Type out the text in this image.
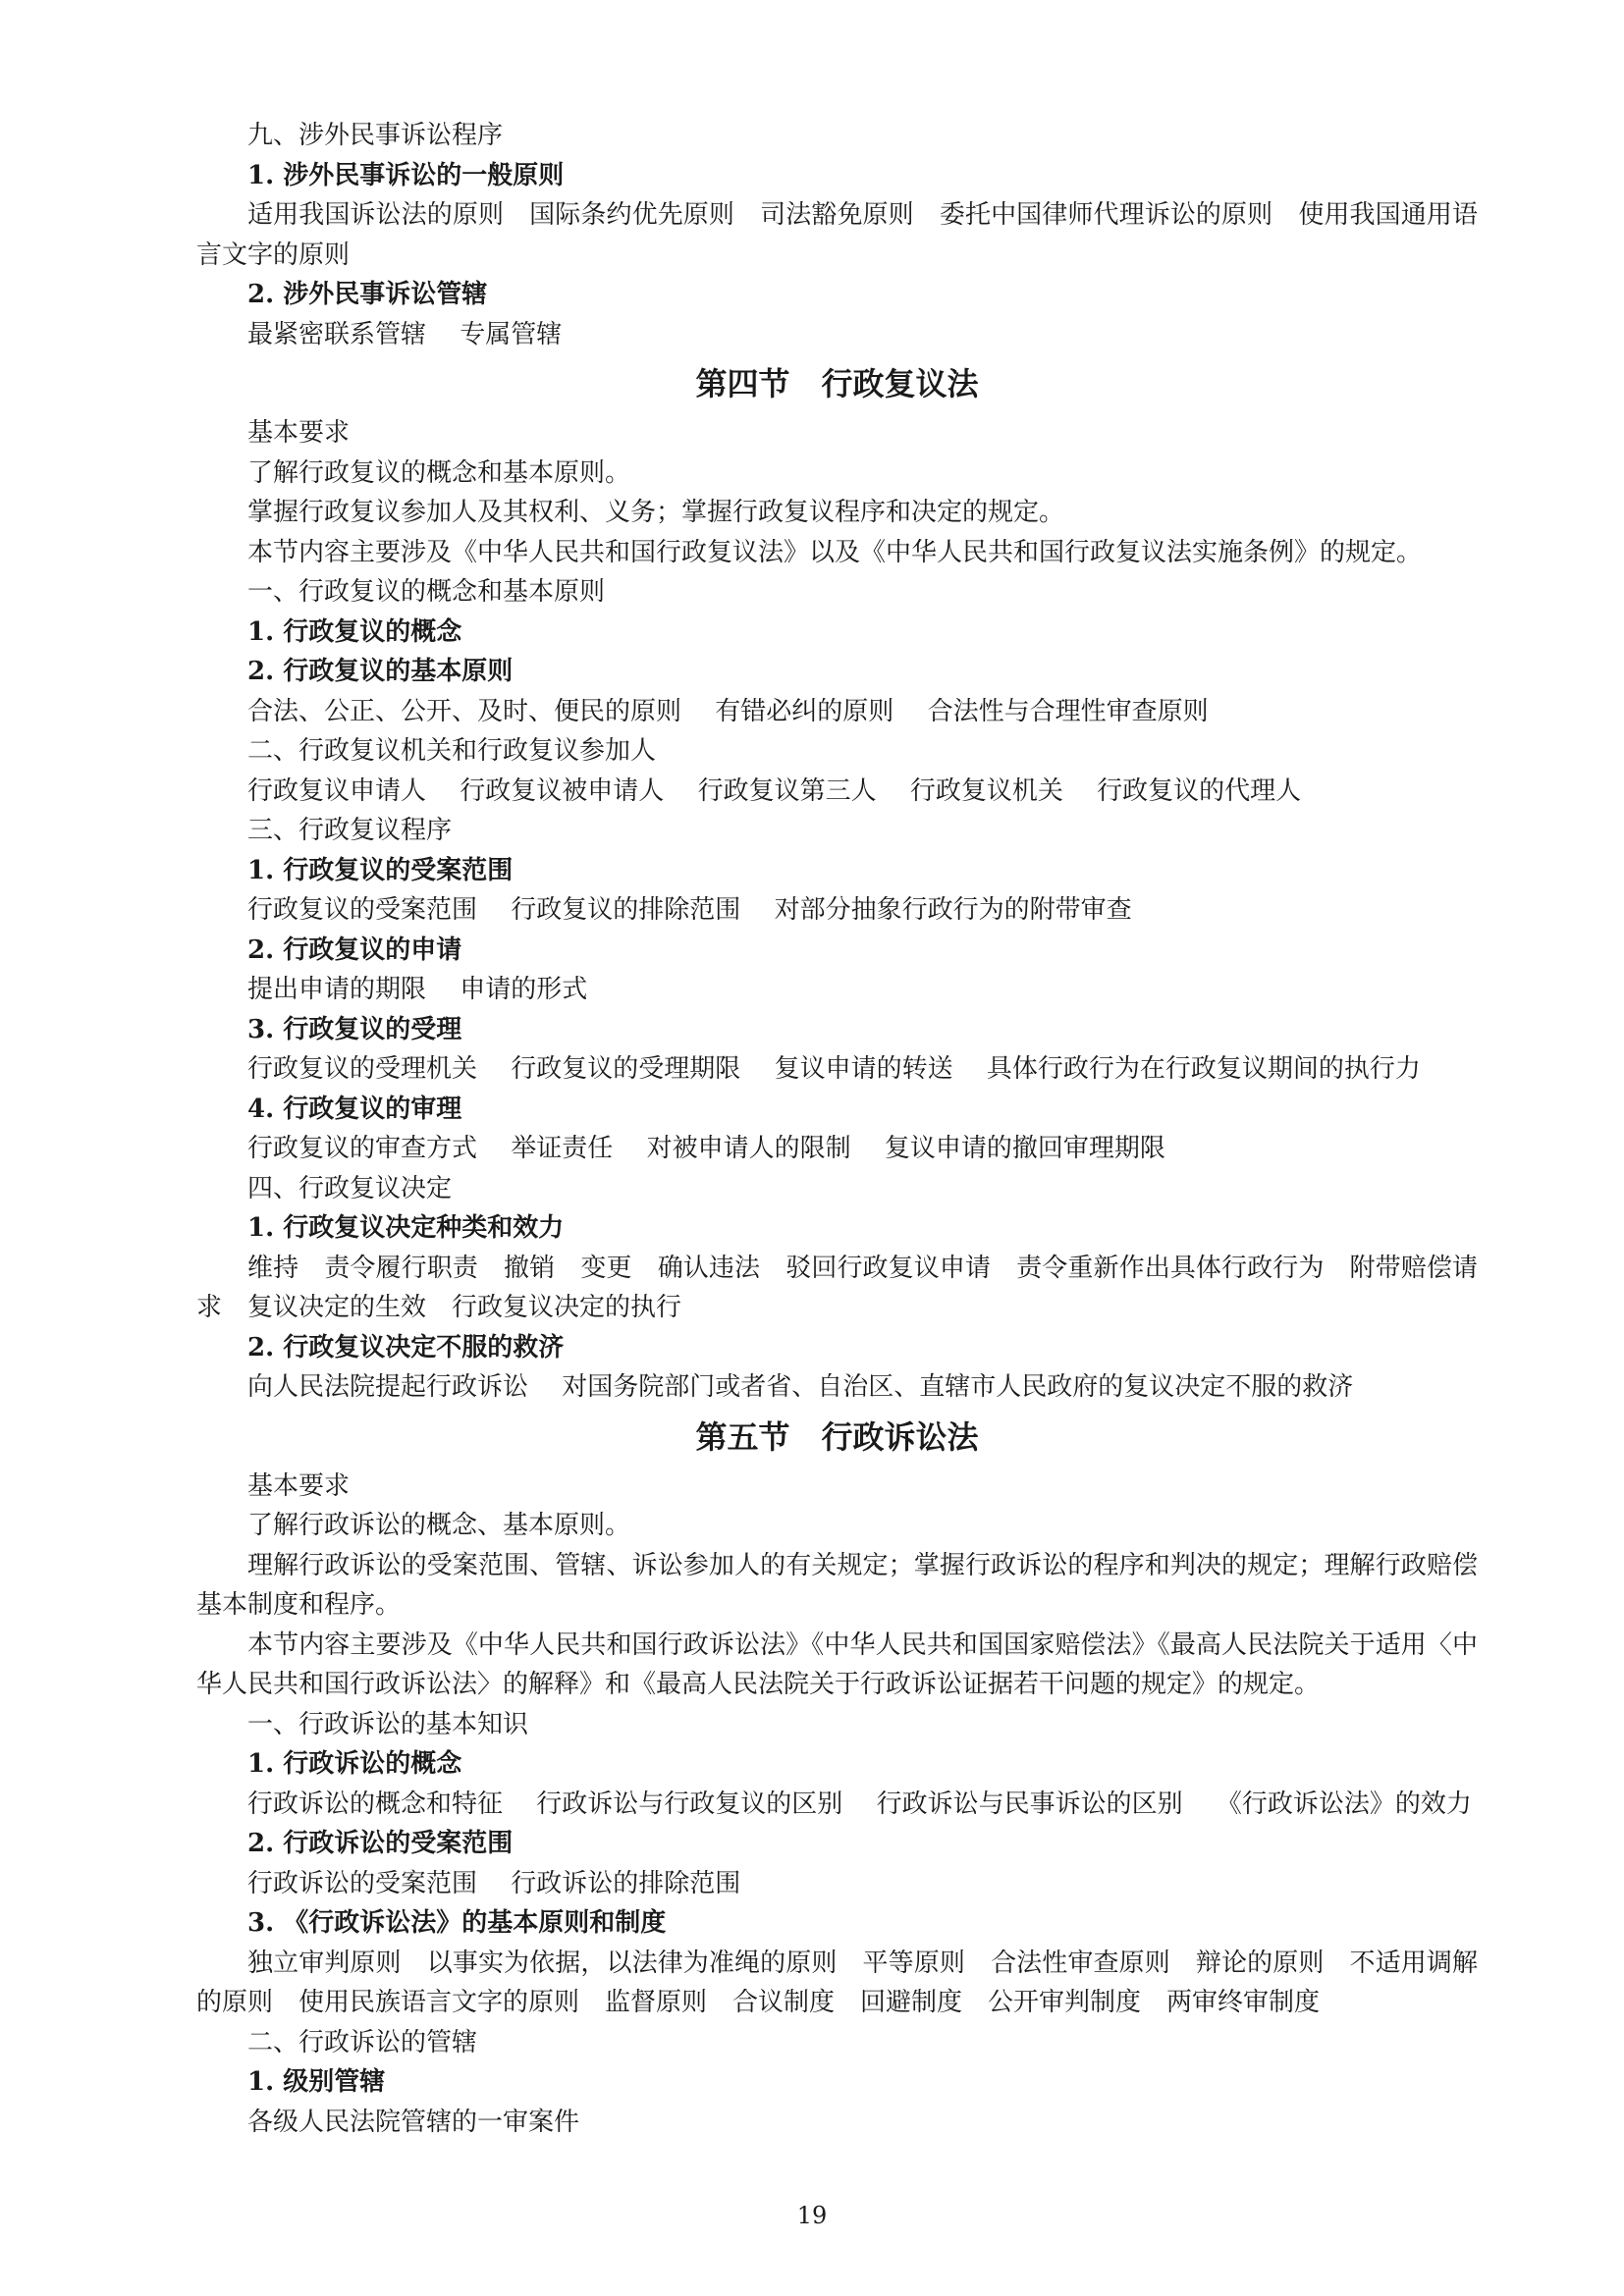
九、涉外民事诉讼程序
1. 涉外民事诉讼的一般原则
适用我国诉讼法的原则　国际条约优先原则　司法豁免原则　委托中国律师代理诉讼的原则　使用我国通用语言文字的原则
2. 涉外民事诉讼管辖
最紧密联系管辖 专属管辖
第四节　行政复议法
基本要求
了解行政复议的概念和基本原则。
掌握行政复议参加人及其权利、义务；掌握行政复议程序和决定的规定。
本节内容主要涉及《中华人民共和国行政复议法》以及《中华人民共和国行政复议法实施条例》的规定。
一、行政复议的概念和基本原则
1. 行政复议的概念
2. 行政复议的基本原则
合法、公正、公开、及时、便民的原则 有错必纠的原则 合法性与合理性审查原则
二、行政复议机关和行政复议参加人
行政复议申请人 行政复议被申请人 行政复议第三人 行政复议机关 行政复议的代理人
三、行政复议程序
1. 行政复议的受案范围
行政复议的受案范围 行政复议的排除范围 对部分抽象行政行为的附带审查
2. 行政复议的申请
提出申请的期限 申请的形式
3. 行政复议的受理
行政复议的受理机关 行政复议的受理期限 复议申请的转送 具体行政行为在行政复议期间的执行力
4. 行政复议的审理
行政复议的审查方式 举证责任 对被申请人的限制 复议申请的撤回审理期限
四、行政复议决定
1. 行政复议决定种类和效力
维持　责令履行职责　撤销　变更　确认违法　驳回行政复议申请　责令重新作出具体行政行为　附带赔偿请求　复议决定的生效　行政复议决定的执行
2. 行政复议决定不服的救济
向人民法院提起行政诉讼 对国务院部门或者省、自治区、直辖市人民政府的复议决定不服的救济
第五节　行政诉讼法
基本要求
了解行政诉讼的概念、基本原则。
理解行政诉讼的受案范围、管辖、诉讼参加人的有关规定；掌握行政诉讼的程序和判决的规定；理解行政赔偿基本制度和程序。
本节内容主要涉及《中华人民共和国行政诉讼法》《中华人民共和国国家赔偿法》《最高人民法院关于适用〈中华人民共和国行政诉讼法〉的解释》和《最高人民法院关于行政诉讼证据若干问题的规定》的规定。
一、行政诉讼的基本知识
1. 行政诉讼的概念
行政诉讼的概念和特征 行政诉讼与行政复议的区别 行政诉讼与民事诉讼的区别 《行政诉讼法》的效力
2. 行政诉讼的受案范围
行政诉讼的受案范围 行政诉讼的排除范围
3. 《行政诉讼法》的基本原则和制度
独立审判原则　以事实为依据，以法律为准绳的原则　平等原则　合法性审查原则　辩论的原则　不适用调解的原则　使用民族语言文字的原则　监督原则　合议制度　回避制度　公开审判制度　两审终审制度
二、行政诉讼的管辖
1. 级别管辖
各级人民法院管辖的一审案件
19
